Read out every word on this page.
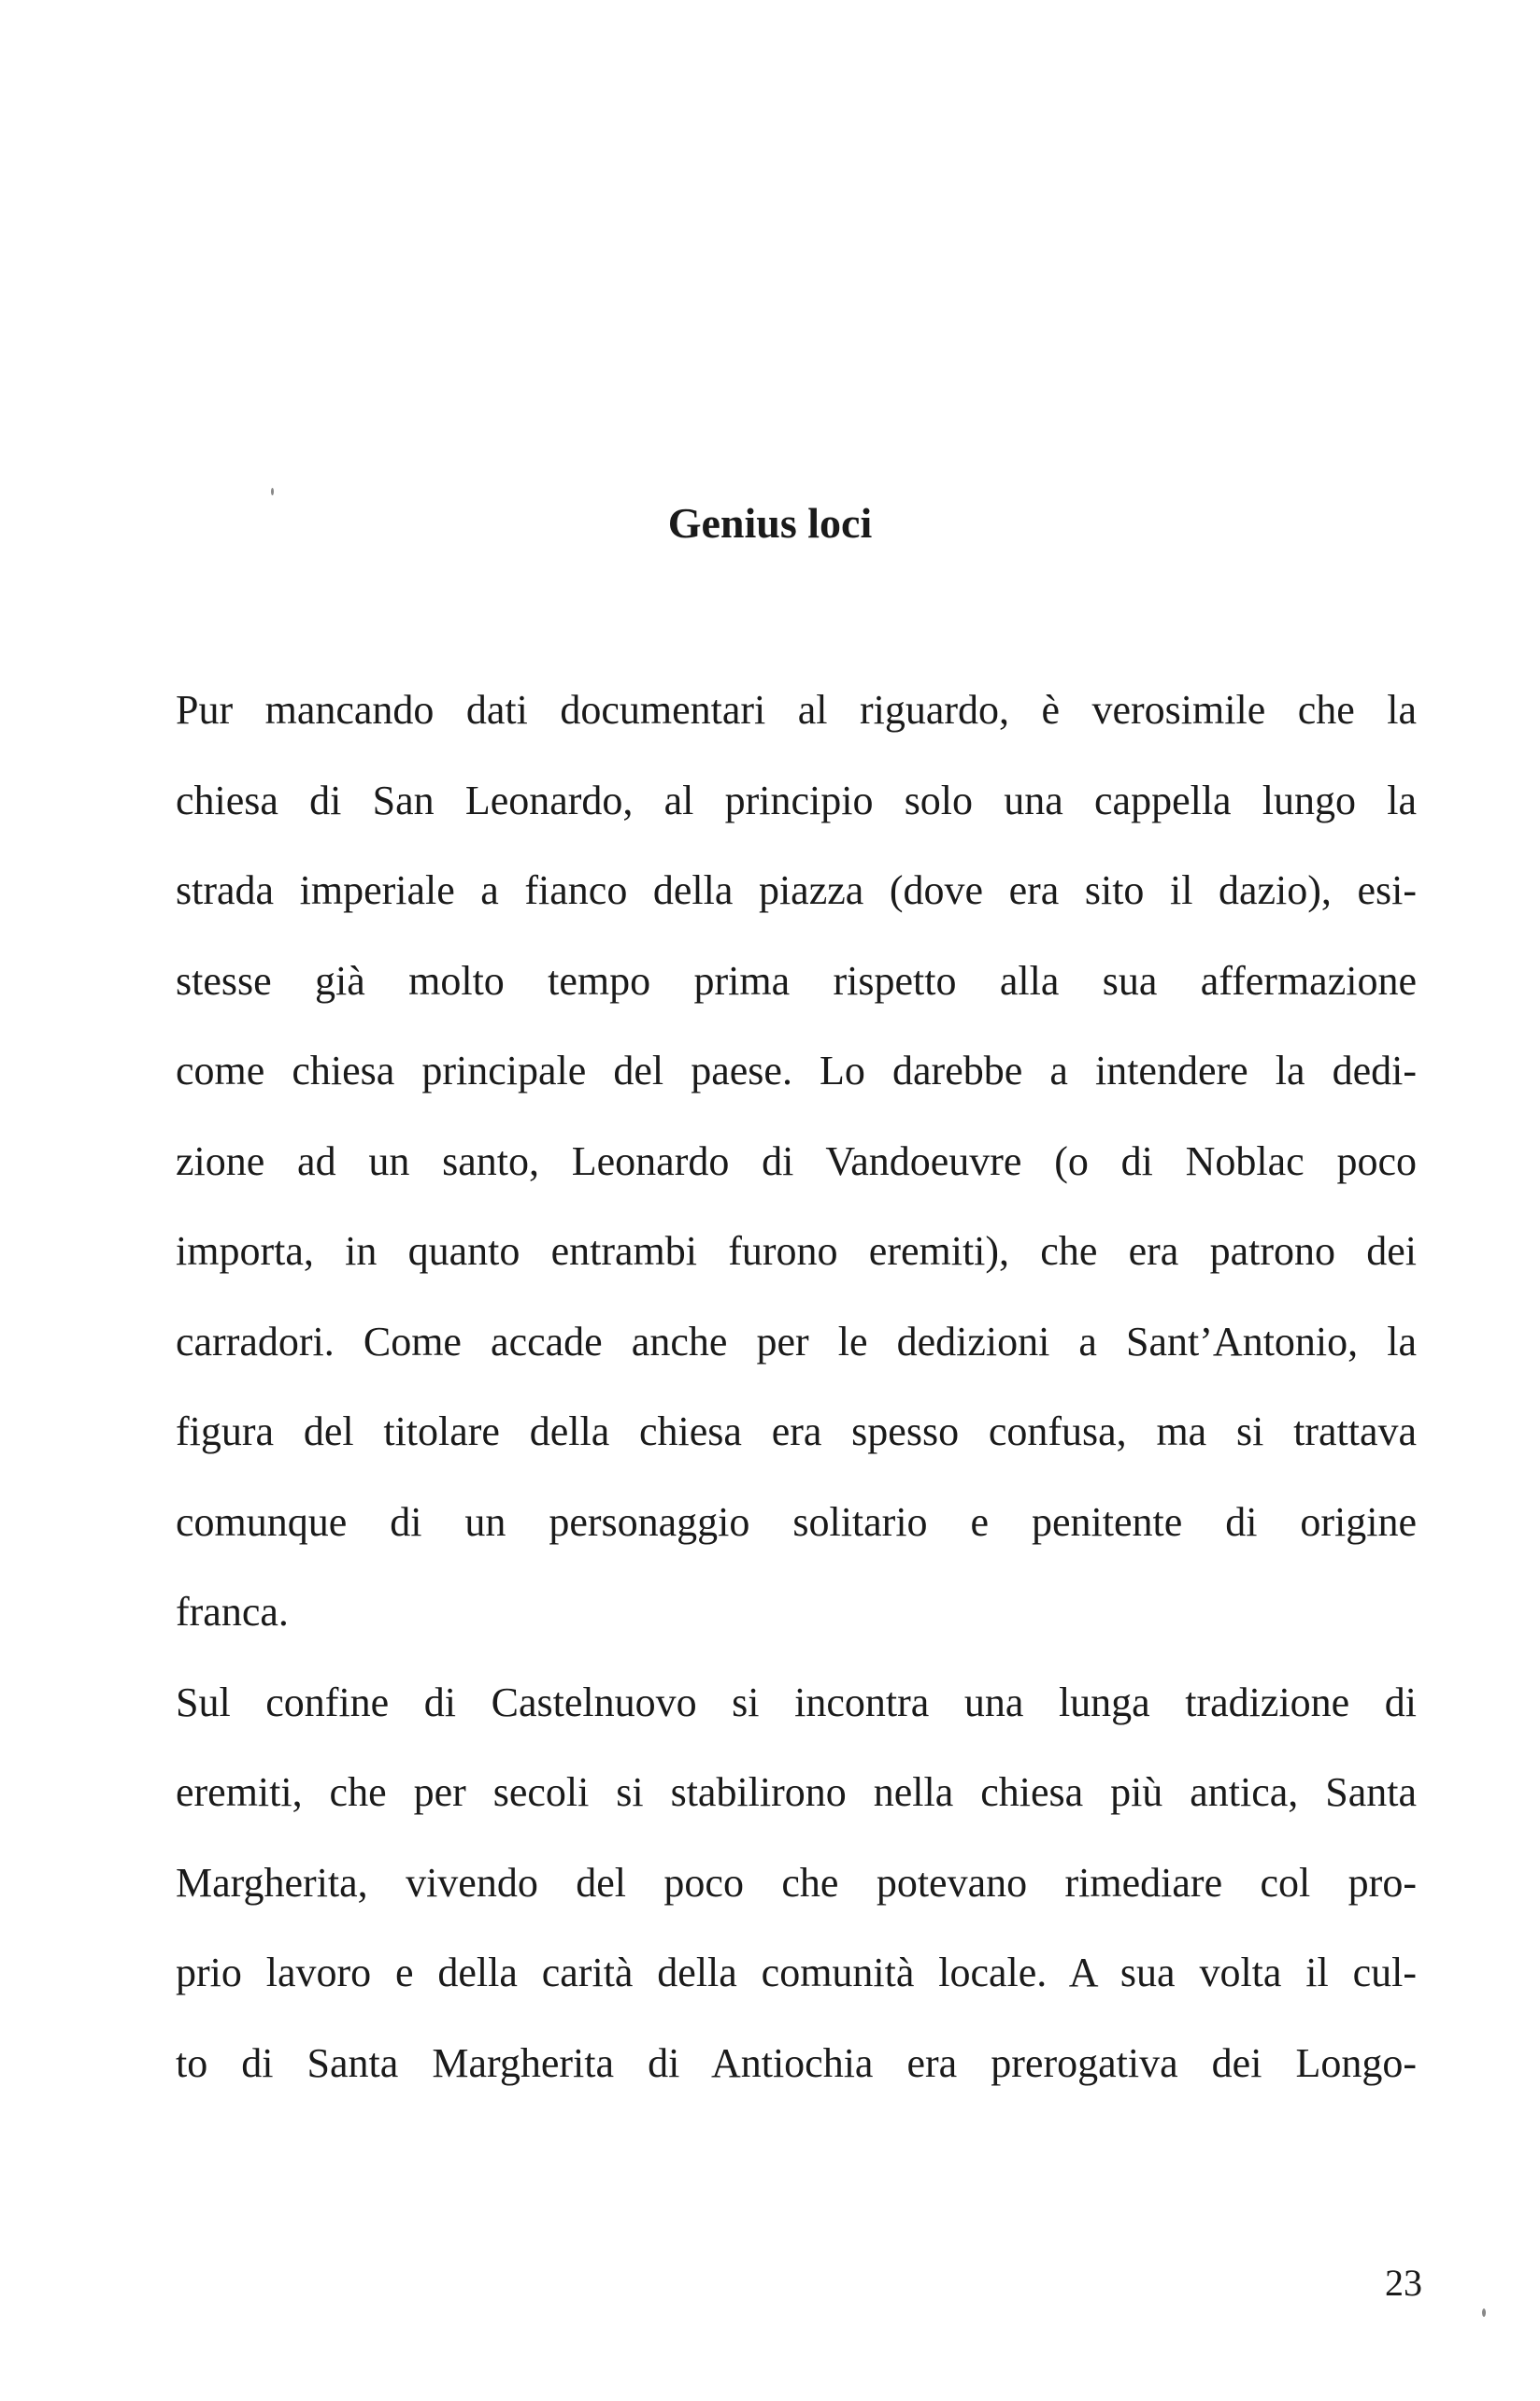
Genius loci
Pur mancando dati documentari al riguardo, è verosimile che la
chiesa di San Leonardo, al principio solo una cappella lungo la
strada imperiale a fianco della piazza (dove era sito il dazio), esi-
stesse già molto tempo prima rispetto alla sua affermazione
come chiesa principale del paese. Lo darebbe a intendere la dedi-
zione ad un santo, Leonardo di Vandoeuvre (o di Noblac poco
importa, in quanto entrambi furono eremiti), che era patrono dei
carradori. Come accade anche per le dedizioni a Sant’Antonio, la
figura del titolare della chiesa era spesso confusa, ma si trattava
comunque di un personaggio solitario e penitente di origine
franca.
Sul confine di Castelnuovo si incontra una lunga tradizione di
eremiti, che per secoli si stabilirono nella chiesa più antica, Santa
Margherita, vivendo del poco che potevano rimediare col pro-
prio lavoro e della carità della comunità locale. A sua volta il cul-
to di Santa Margherita di Antiochia era prerogativa dei Longo-
23
